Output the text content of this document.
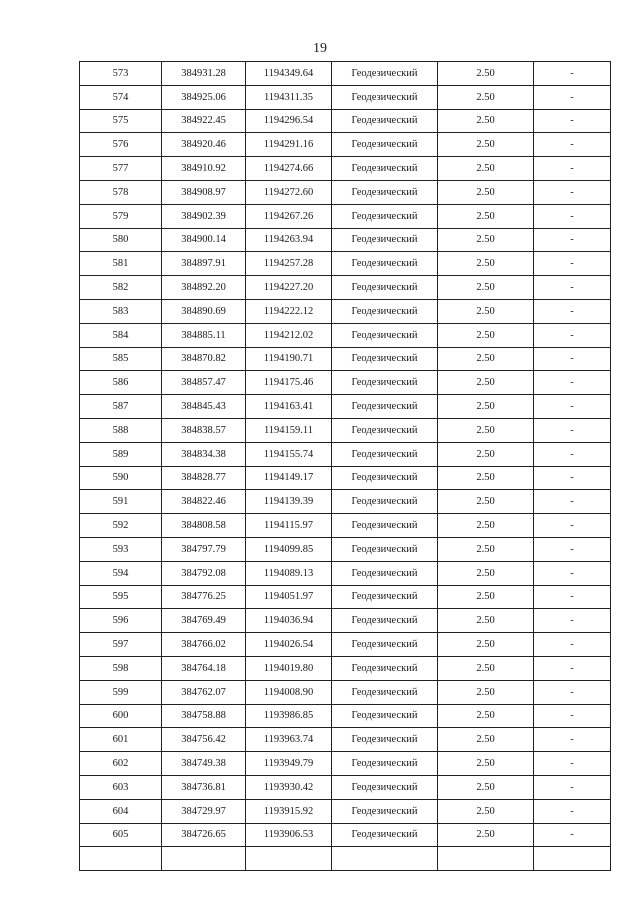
19
573	384931.28	1194349.64	Геодезический	2.50	-
574	384925.06	1194311.35	Геодезический	2.50	-
575	384922.45	1194296.54	Геодезический	2.50	-
576	384920.46	1194291.16	Геодезический	2.50	-
577	384910.92	1194274.66	Геодезический	2.50	-
578	384908.97	1194272.60	Геодезический	2.50	-
579	384902.39	1194267.26	Геодезический	2.50	-
580	384900.14	1194263.94	Геодезический	2.50	-
581	384897.91	1194257.28	Геодезический	2.50	-
582	384892.20	1194227.20	Геодезический	2.50	-
583	384890.69	1194222.12	Геодезический	2.50	-
584	384885.11	1194212.02	Геодезический	2.50	-
585	384870.82	1194190.71	Геодезический	2.50	-
586	384857.47	1194175.46	Геодезический	2.50	-
587	384845.43	1194163.41	Геодезический	2.50	-
588	384838.57	1194159.11	Геодезический	2.50	-
589	384834.38	1194155.74	Геодезический	2.50	-
590	384828.77	1194149.17	Геодезический	2.50	-
591	384822.46	1194139.39	Геодезический	2.50	-
592	384808.58	1194115.97	Геодезический	2.50	-
593	384797.79	1194099.85	Геодезический	2.50	-
594	384792.08	1194089.13	Геодезический	2.50	-
595	384776.25	1194051.97	Геодезический	2.50	-
596	384769.49	1194036.94	Геодезический	2.50	-
597	384766.02	1194026.54	Геодезический	2.50	-
598	384764.18	1194019.80	Геодезический	2.50	-
599	384762.07	1194008.90	Геодезический	2.50	-
600	384758.88	1193986.85	Геодезический	2.50	-
601	384756.42	1193963.74	Геодезический	2.50	-
602	384749.38	1193949.79	Геодезический	2.50	-
603	384736.81	1193930.42	Геодезический	2.50	-
604	384729.97	1193915.92	Геодезический	2.50	-
605	384726.65	1193906.53	Геодезический	2.50	-
